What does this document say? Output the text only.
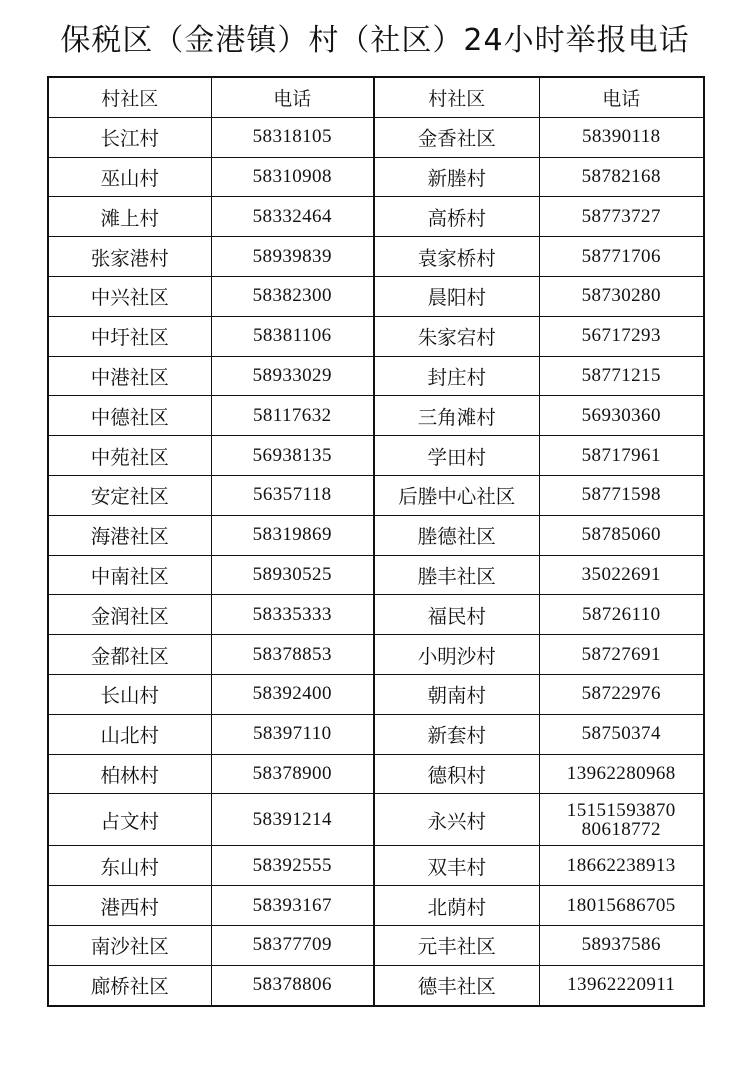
保税区（金港镇）村（社区）24小时举报电话
村社区	电话	村社区	电话
长江村	58318105	金香社区	58390118
巫山村	58310908	新塍村	58782168
滩上村	58332464	高桥村	58773727
张家港村	58939839	袁家桥村	58771706
中兴社区	58382300	晨阳村	58730280
中圩社区	58381106	朱家宕村	56717293
中港社区	58933029	封庄村	58771215
中德社区	58117632	三角滩村	56930360
中苑社区	56938135	学田村	58717961
安定社区	56357118	后塍中心社区	58771598
海港社区	58319869	塍德社区	58785060
中南社区	58930525	塍丰社区	35022691
金润社区	58335333	福民村	58726110
金都社区	58378853	小明沙村	58727691
长山村	58392400	朝南村	58722976
山北村	58397110	新套村	58750374
柏林村	58378900	德积村	13962280968
占文村	58391214	永兴村	15151593870
80618772

东山村	58392555	双丰村	18662238913
港西村	58393167	北荫村	18015686705
南沙社区	58377709	元丰社区	58937586
廊桥社区	58378806	德丰社区	13962220911
